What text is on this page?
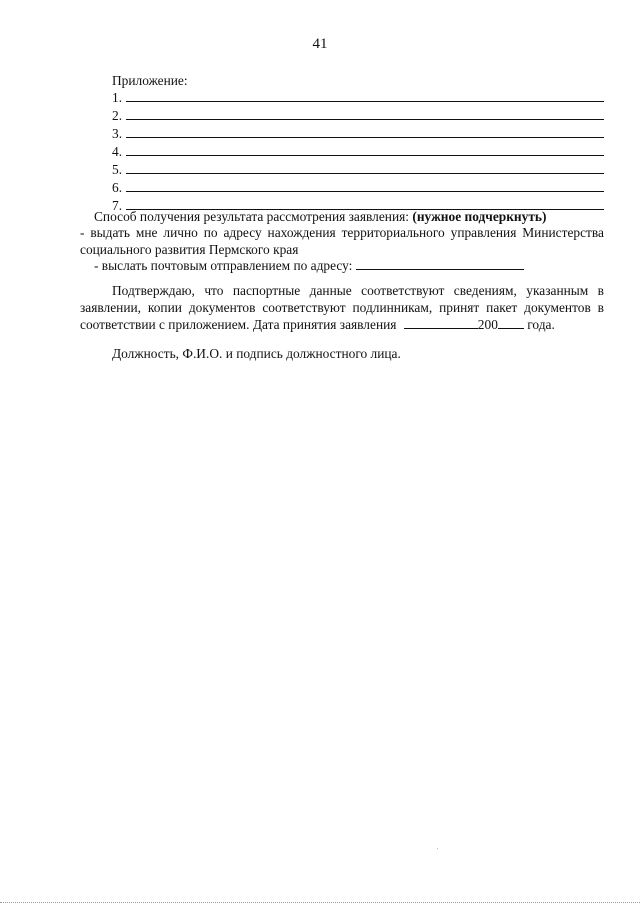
41
Приложение:
1.
2.
3.
4.
5.
6.
7.
Способ получения результата рассмотрения заявления: (нужное подчеркнуть)
- выдать мне лично по адресу нахождения территориального управления Министерства социального развития Пермского края
- выслать почтовым отправлением по адресу:
Подтверждаю, что паспортные данные соответствуют сведениям, указанным в заявлении, копии документов соответствуют подлинникам, принят пакет документов в соответствии с приложением. Дата принятия заявления	200 года.
Должность, Ф.И.О. и подпись должностного лица.
